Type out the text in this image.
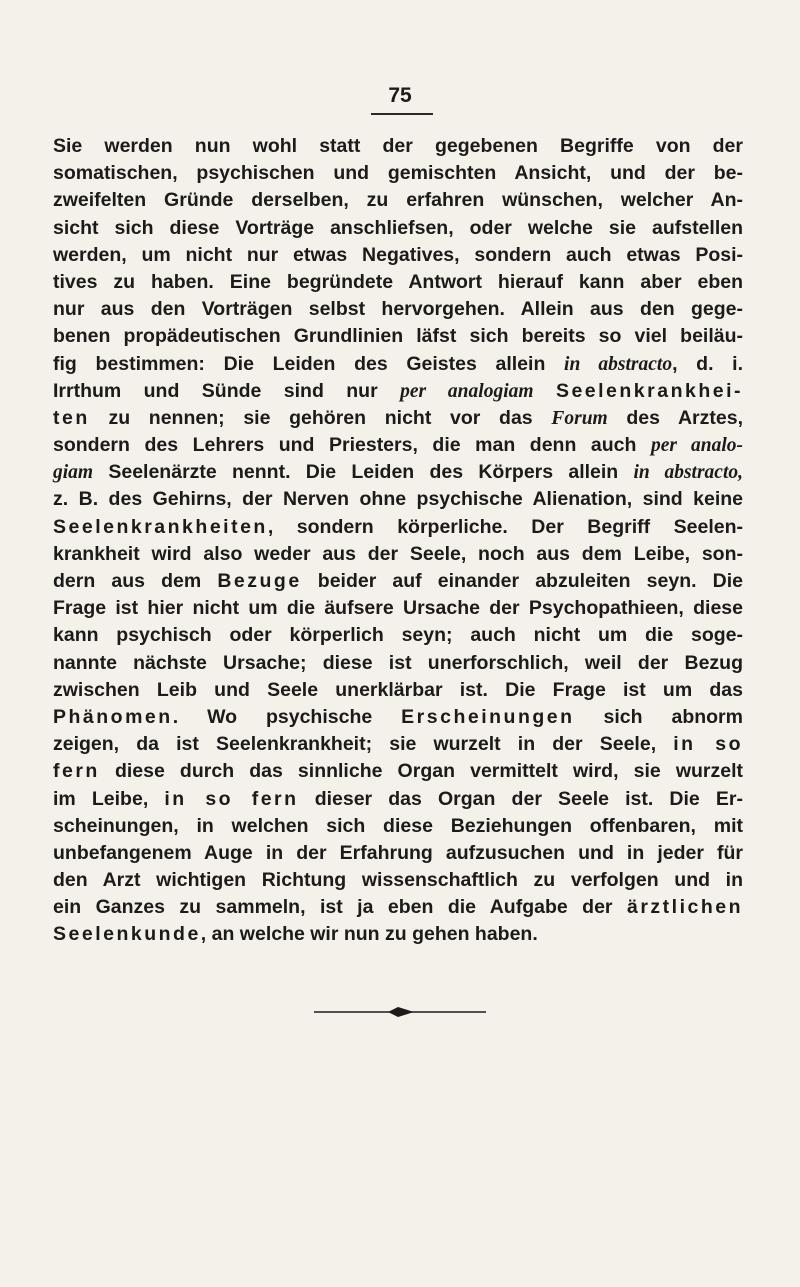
75
Sie werden nun wohl statt der gegebenen Begriffe von der
somatischen, psychischen und gemischten Ansicht, und der be-
zweifelten Gründe derselben, zu erfahren wünschen, welcher An-
sicht sich diese Vorträge anschliefsen, oder welche sie aufstellen
werden, um nicht nur etwas Negatives, sondern auch etwas Posi-
tives zu haben. Eine begründete Antwort hierauf kann aber eben
nur aus den Vorträgen selbst hervorgehen. Allein aus den gege-
benen propädeutischen Grundlinien läfst sich bereits so viel beiläu-
fig bestimmen: Die Leiden des Geistes allein in abstracto, d. i.
Irrthum und Sünde sind nur per analogiam Seelenkrankhei-
ten zu nennen; sie gehören nicht vor das Forum des Arztes,
sondern des Lehrers und Priesters, die man denn auch per analo-
giam Seelenärzte nennt. Die Leiden des Körpers allein in abstracto,
z. B. des Gehirns, der Nerven ohne psychische Alienation, sind keine
Seelenkrankheiten, sondern körperliche. Der Begriff Seelen-
krankheit wird also weder aus der Seele, noch aus dem Leibe, son-
dern aus dem Bezuge beider auf einander abzuleiten seyn. Die
Frage ist hier nicht um die äufsere Ursache der Psychopathieen, diese
kann psychisch oder körperlich seyn; auch nicht um die soge-
nannte nächste Ursache; diese ist unerforschlich, weil der Bezug
zwischen Leib und Seele unerklärbar ist. Die Frage ist um das
Phänomen. Wo psychische Erscheinungen sich abnorm
zeigen, da ist Seelenkrankheit; sie wurzelt in der Seele, in so
fern diese durch das sinnliche Organ vermittelt wird, sie wurzelt
im Leibe, in so fern dieser das Organ der Seele ist. Die Er-
scheinungen, in welchen sich diese Beziehungen offenbaren, mit
unbefangenem Auge in der Erfahrung aufzusuchen und in jeder für
den Arzt wichtigen Richtung wissenschaftlich zu verfolgen und in
ein Ganzes zu sammeln, ist ja eben die Aufgabe der ärztlichen
Seelenkunde, an welche wir nun zu gehen haben.
